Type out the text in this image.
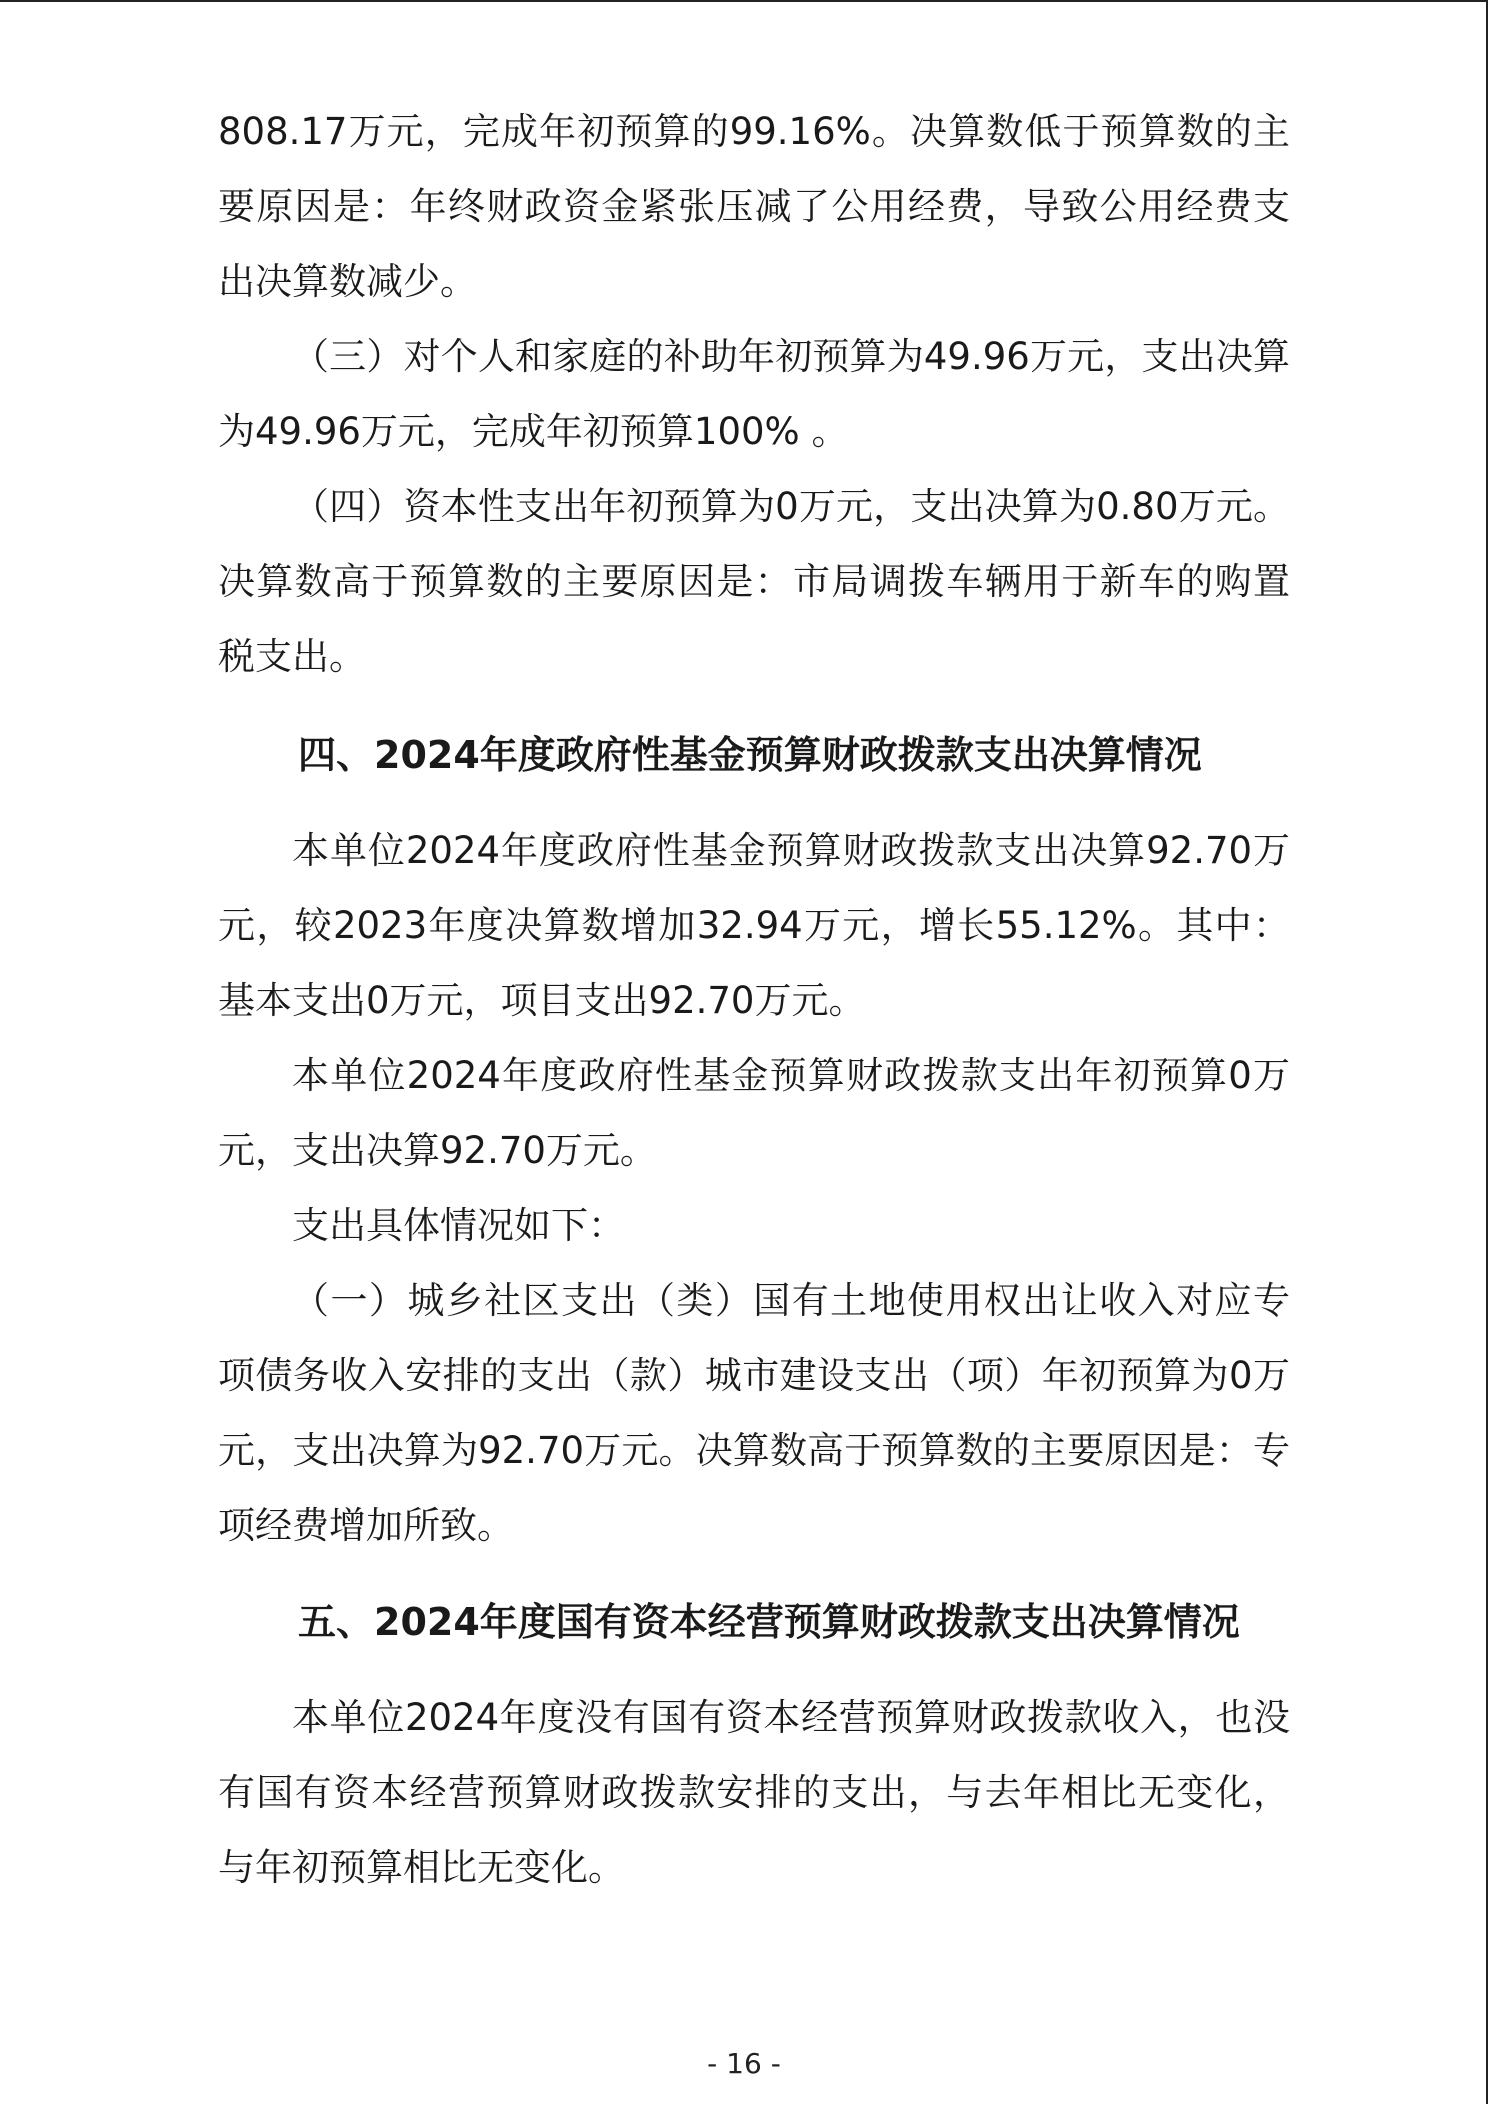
808.17万元，完成年初预算的99.16%。决算数低于预算数的主要原因是：年终财政资金紧张压减了公用经费，导致公用经费支出决算数减少。

（三）对个人和家庭的补助年初预算为49.96万元，支出决算为49.96万元，完成年初预算100% 。

（四）资本性支出年初预算为0万元，支出决算为0.80万元。决算数高于预算数的主要原因是：市局调拨车辆用于新车的购置税支出。

四、2024年度政府性基金预算财政拨款支出决算情况

本单位2024年度政府性基金预算财政拨款支出决算92.70万元，较2023年度决算数增加32.94万元，增长55.12%。其中：基本支出0万元，项目支出92.70万元。

本单位2024年度政府性基金预算财政拨款支出年初预算0万元，支出决算92.70万元。

支出具体情况如下：

（一）城乡社区支出（类）国有土地使用权出让收入对应专项债务收入安排的支出（款）城市建设支出（项）年初预算为0万元，支出决算为92.70万元。决算数高于预算数的主要原因是：专项经费增加所致。

五、2024年度国有资本经营预算财政拨款支出决算情况

本单位2024年度没有国有资本经营预算财政拨款收入，也没有国有资本经营预算财政拨款安排的支出，与去年相比无变化，与年初预算相比无变化。

- 16 -
